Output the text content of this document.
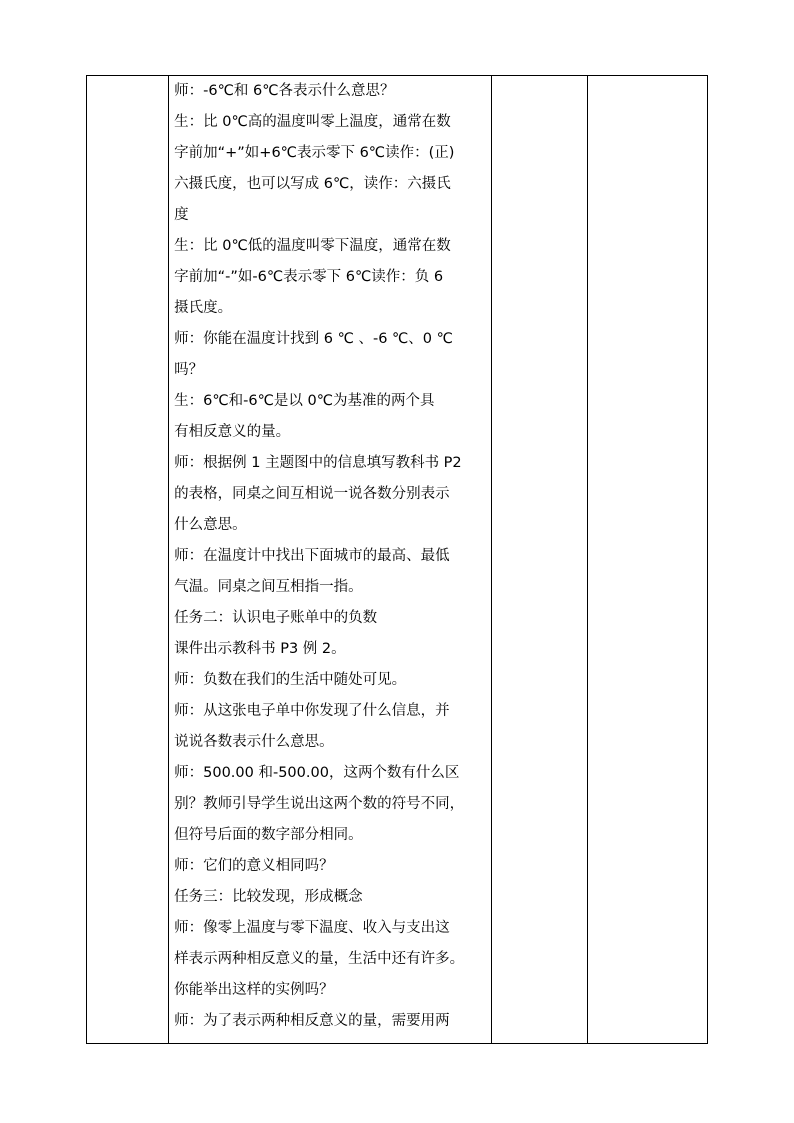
师：-6℃和 6℃各表示什么意思？
生：比 0℃高的温度叫零上温度，通常在数
字前加“+”如+6℃表示零下 6℃读作：(正)
六摄氏度，也可以写成 6℃，读作：六摄氏
度
生：比 0℃低的温度叫零下温度，通常在数
字前加“-”如-6℃表示零下 6℃读作：负 6
摄氏度。
师：你能在温度计找到 6 ℃ 、-6 ℃、0 ℃
吗？
生：6℃和-6℃是以 0℃为基准的两个具
有相反意义的量。
师：根据例 1 主题图中的信息填写教科书 P2
的表格，同桌之间互相说一说各数分别表示
什么意思。
师：在温度计中找出下面城市的最高、最低
气温。同桌之间互相指一指。
任务二：认识电子账单中的负数
课件出示教科书 P3 例 2。
师：负数在我们的生活中随处可见。
师：从这张电子单中你发现了什么信息，并
说说各数表示什么意思。
师：500.00 和-500.00，这两个数有什么区
别？教师引导学生说出这两个数的符号不同，
但符号后面的数字部分相同。
师：它们的意义相同吗？
任务三：比较发现，形成概念
师：像零上温度与零下温度、收入与支出这
样表示两种相反意义的量，生活中还有许多。
你能举出这样的实例吗？
师：为了表示两种相反意义的量，需要用两
